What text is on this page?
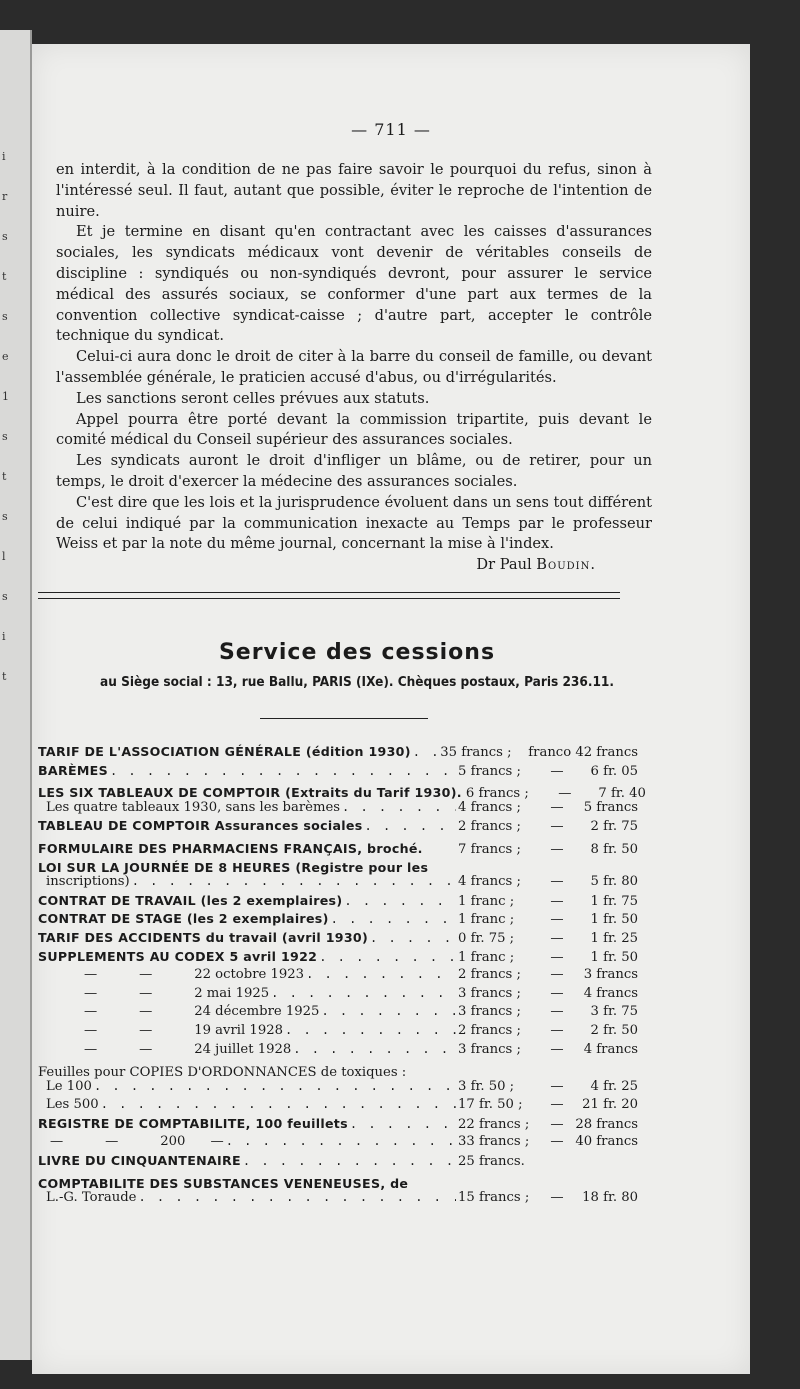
i
r
s
t
s
e
1
s
t
s
l
s
i
t
— 711 —

en interdit, à la condition de ne pas faire savoir le pourquoi du refus, sinon à l'intéressé seul. Il faut, autant que possible, éviter le reproche de l'intention de nuire.

Et je termine en disant qu'en contractant avec les caisses d'assurances sociales, les syndicats médicaux vont devenir de véritables conseils de discipline : syndiqués ou non-syndiqués devront, pour assurer le service médical des assurés sociaux, se conformer d'une part aux termes de la convention collective syndicat-caisse ; d'autre part, accepter le contrôle technique du syndicat.

Celui-ci aura donc le droit de citer à la barre du conseil de famille, ou devant l'assemblée générale, le praticien accusé d'abus, ou d'irrégularités.

Les sanctions seront celles prévues aux statuts.

Appel pourra être porté devant la commission tripartite, puis devant le comité médical du Conseil supérieur des assurances sociales.

Les syndicats auront le droit d'infliger un blâme, ou de retirer, pour un temps, le droit d'exercer la médecine des assurances sociales.

C'est dire que les lois et la jurisprudence évoluent dans un sens tout différent de celui indiqué par la communication inexacte au Temps par le professeur Weiss et par la note du même journal, concernant la mise à l'index.

Dr Paul Boudin.
Service des cessions
au Siège social : 13, rue Ballu, PARIS (IXe). Chèques postaux, Paris 236.11.
TARIF DE L'ASSOCIATION GÉNÉRALE (édition 1930) . . . 35 francs ;	franco 42 francs
BARÈMES . . .	5 francs ;	—	6 fr. 05
LES SIX TABLEAUX DE COMPTOIR (Extraits du Tarif 1930). 6 francs ;	—	7 fr. 40
Les quatre tableaux 1930, sans les barèmes . . .	4 francs ;	—	5 francs
TABLEAU DE COMPTOIR Assurances sociales . . .	2 francs ;	—	2 fr. 75
FORMULAIRE DES PHARMACIENS FRANÇAIS, broché.	7 francs ;	—	8 fr. 50
LOI SUR LA JOURNÉE DE 8 HEURES (Registre pour les
inscriptions) . . .	4 francs ;	—	5 fr. 80
CONTRAT DE TRAVAIL (les 2 exemplaires) . . .	1 franc ;	—	1 fr. 75
CONTRAT DE STAGE (les 2 exemplaires) . . .	1 franc ;	—	1 fr. 50
TARIF DES ACCIDENTS du travail (avril 1930) . . .	0 fr. 75 ;	—	1 fr. 25
SUPPLEMENTS AU CODEX 5 avril 1922 . . .	1 franc ;	—	1 fr. 50
—          —          22 octobre 1923 . . .	2 francs ;	—	3 francs
—          —          2 mai 1925 . . .	3 francs ;	—	4 francs
—          —          24 décembre 1925 . . .	3 francs ;	—	3 fr. 75
—          —          19 avril 1928 . . .	2 francs ;	—	2 fr. 50
—          —          24 juillet 1928 . . .	3 francs ;	—	4 francs
Feuilles pour COPIES D'ORDONNANCES de toxiques :
Le 100 . . .	3 fr. 50 ;	—	4 fr. 25
Les 500 . . .	17 fr. 50 ;	—	21 fr. 20
REGISTRE DE COMPTABILITE, 100 feuillets . . .	22 francs ;	— 28 francs
—          —          200      — . . .	33 francs ;	— 40 francs
LIVRE DU CINQUANTENAIRE . . .	25 francs.
COMPTABILITE DES SUBSTANCES VENENEUSES, de
L.-G. Toraude . . .	15 francs ;	—	18 fr. 80
